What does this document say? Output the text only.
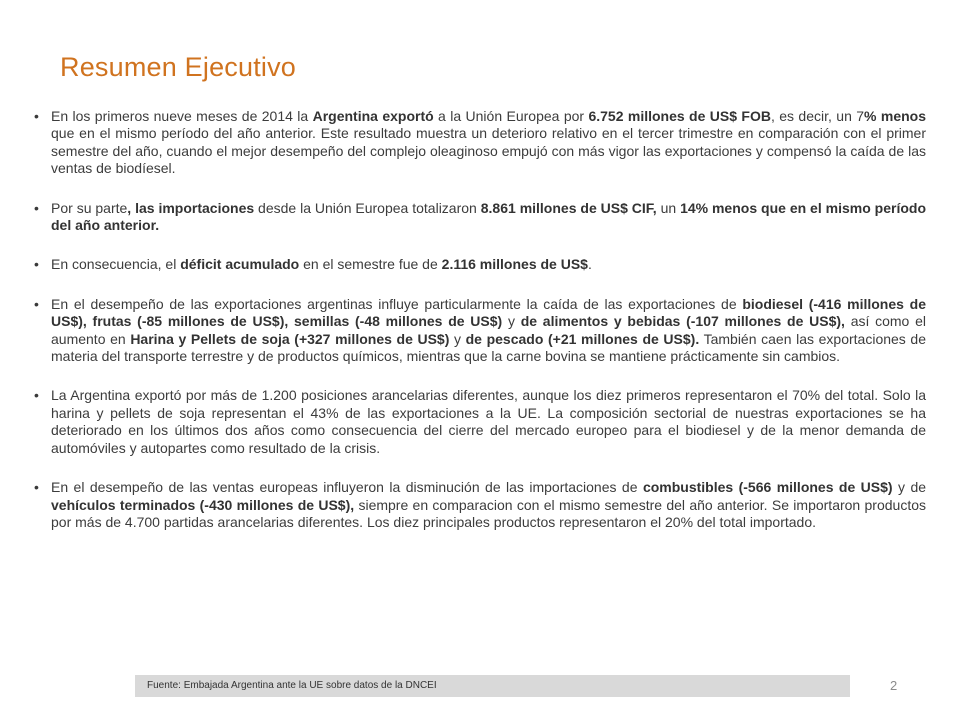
Resumen Ejecutivo
• En los primeros nueve meses de 2014 la Argentina exportó a la Unión Europea por 6.752 millones de US$ FOB, es decir, un 7% menos que en el mismo período del año anterior. Este resultado muestra un deterioro relativo en el tercer trimestre en comparación con el primer semestre del año, cuando el mejor desempeño del complejo oleaginoso empujó con más vigor las exportaciones y compensó la caída de las ventas de biodíesel.
• Por su parte, las importaciones desde la Unión Europea totalizaron 8.861 millones de US$ CIF, un 14% menos que en el mismo período del año anterior.
• En consecuencia, el déficit acumulado en el semestre fue de 2.116 millones de US$.
• En el desempeño de las exportaciones argentinas influye particularmente la caída de las exportaciones de biodiesel (-416 millones de US$), frutas (-85 millones de US$), semillas (-48 millones de US$) y de alimentos y bebidas (-107 millones de US$), así como el aumento en Harina y Pellets de soja (+327 millones de US$) y de pescado (+21 millones de US$). También caen las exportaciones de materia del transporte terrestre y de productos químicos, mientras que la carne bovina se mantiene prácticamente sin cambios.
• La Argentina exportó por más de 1.200 posiciones arancelarias diferentes, aunque los diez primeros representaron el 70% del total. Solo la harina y pellets de soja representan el 43% de las exportaciones a la UE. La composición sectorial de nuestras exportaciones se ha deteriorado en los últimos dos años como consecuencia del cierre del mercado europeo para el biodiesel y de la menor demanda de automóviles y autopartes como resultado de la crisis.
• En el desempeño de las ventas europeas influyeron la disminución de las importaciones de combustibles (-566 millones de US$) y de vehículos terminados (-430 millones de US$), siempre en comparacion con el mismo semestre del año anterior. Se importaron productos por más de 4.700 partidas arancelarias diferentes. Los diez principales productos representaron el 20% del total importado.
Fuente: Embajada Argentina ante la UE sobre datos de la DNCEI	2
